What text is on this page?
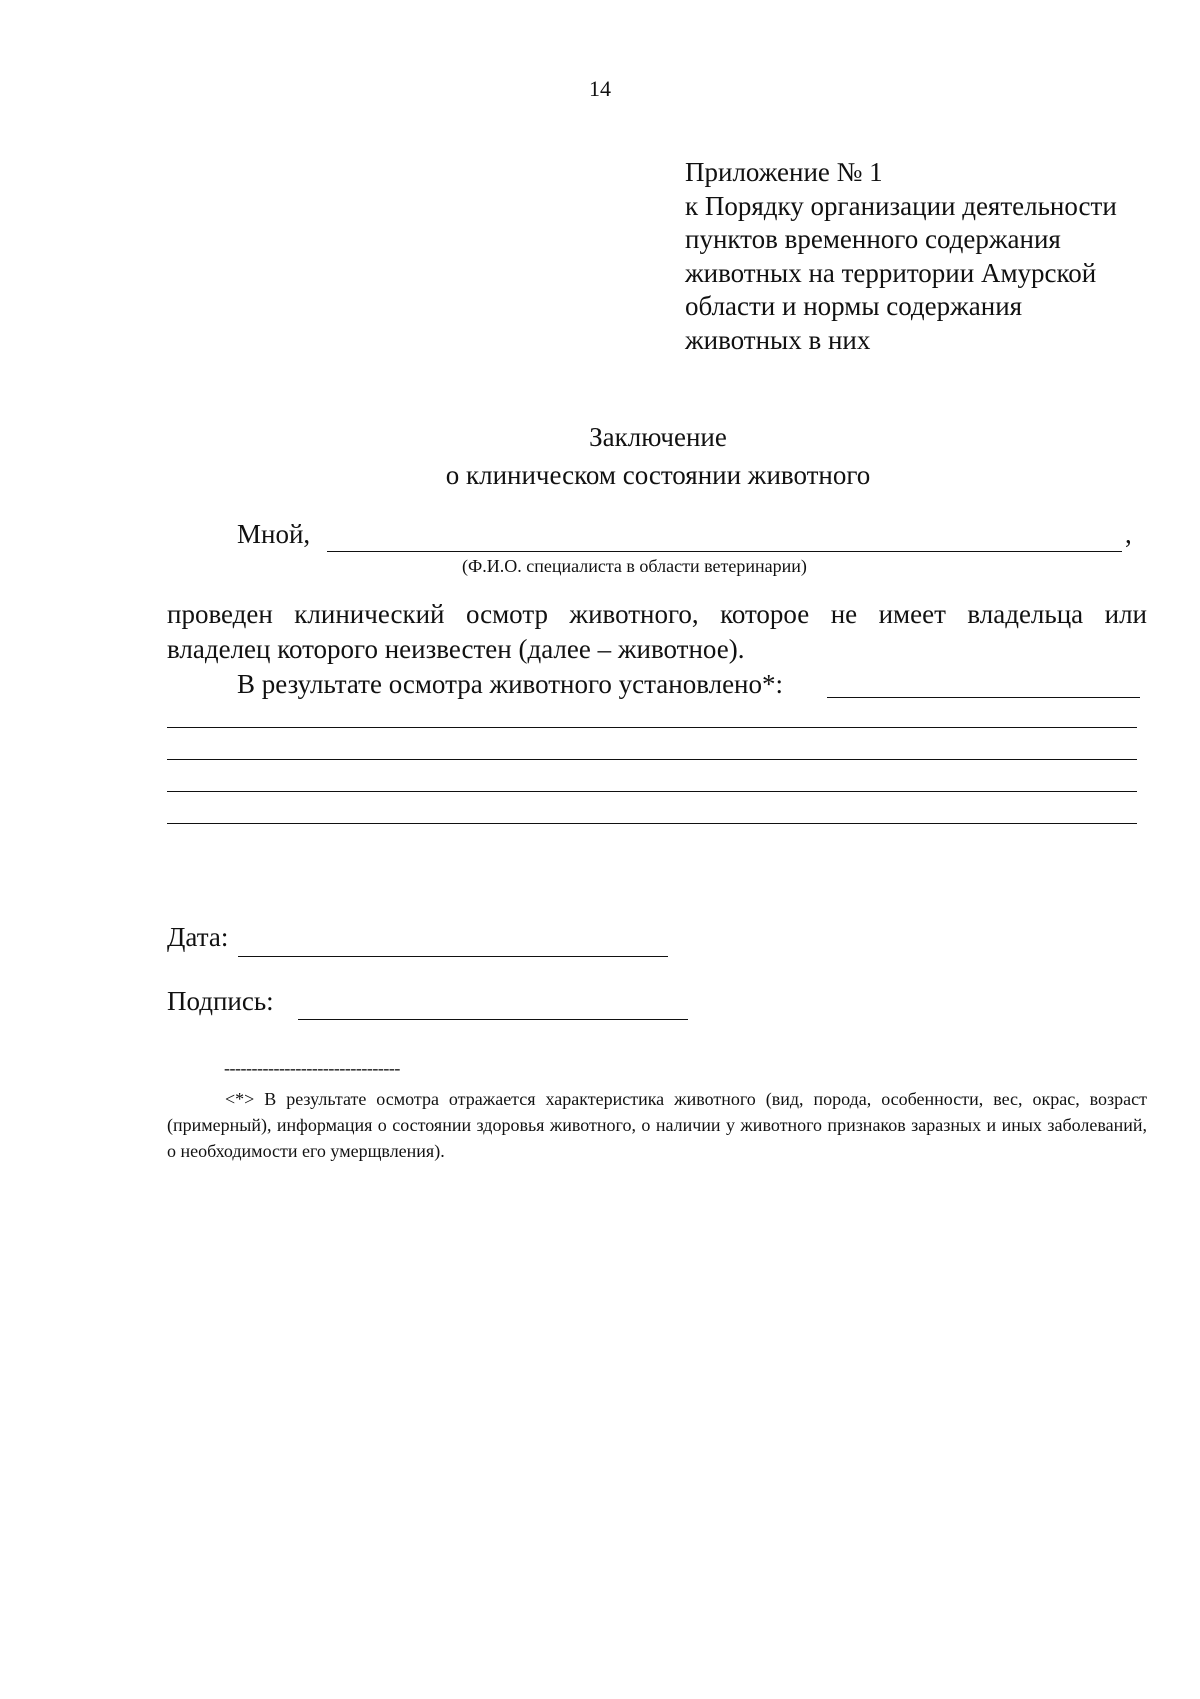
14
Приложение № 1
к Порядку организации деятельности
пунктов временного содержания
животных на территории Амурской
области и нормы содержания
животных в них
Заключение
о клиническом состоянии животного
Мной,	,
(Ф.И.О. специалиста в области ветеринарии)
проведен клинический осмотр животного, которое не имеет владельца или
владелец которого неизвестен (далее – животное).
В результате осмотра животного установлено*:
Дата:
Подпись:
--------------------------------
<*> В результате осмотра отражается характеристика животного (вид, порода, особенности, вес, окрас, возраст (примерный), информация о состоянии здоровья животного, о наличии у животного признаков заразных и иных заболеваний, о необходимости его умерщвления).
